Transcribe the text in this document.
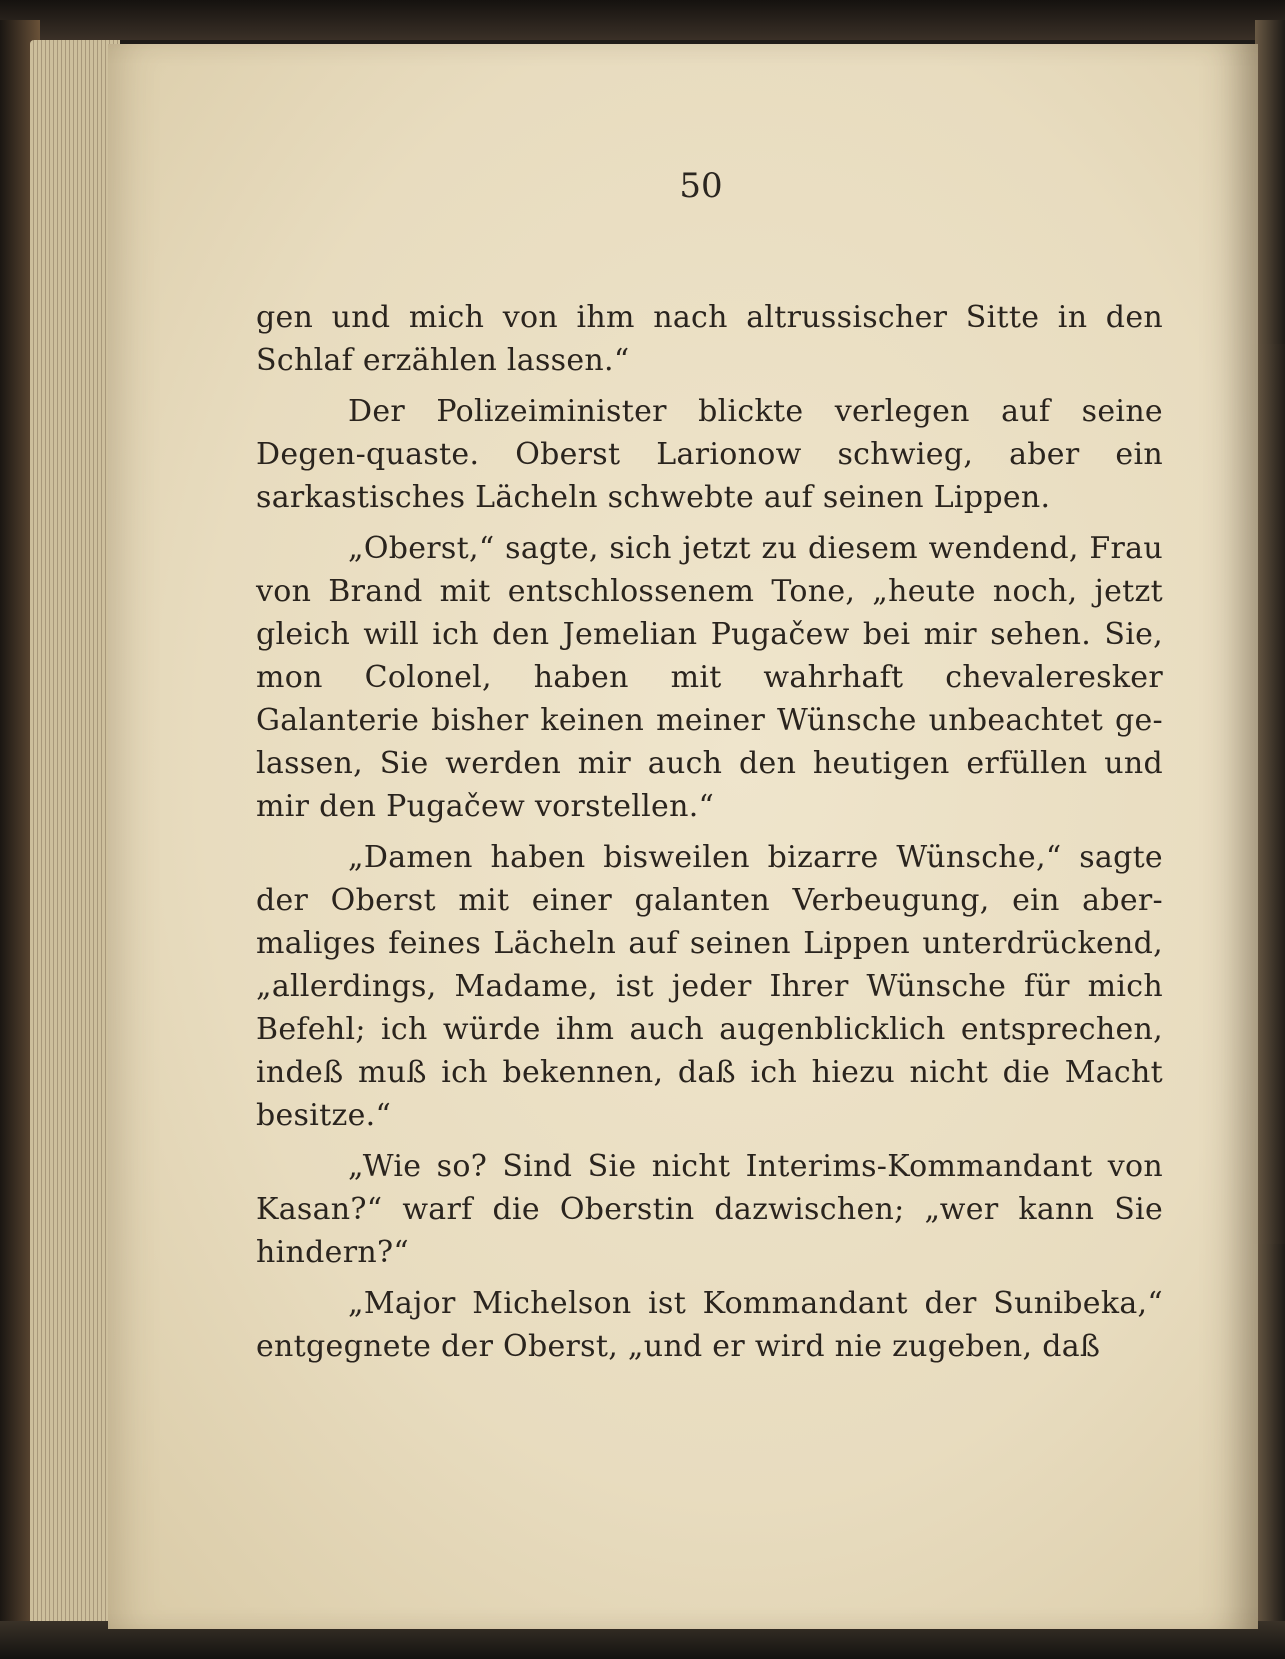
50

gen und mich von ihm nach altrussischer Sitte in den Schlaf erzählen lassen.“

Der Polizeiminister blickte verlegen auf seine Degen-quaste. Oberst Larionow schwieg, aber ein sarkastisches Lächeln schwebte auf seinen Lippen.

„Oberst,“ sagte, sich jetzt zu diesem wendend, Frau von Brand mit entschlossenem Tone, „heute noch, jetzt gleich will ich den Jemelian Pugačew bei mir sehen. Sie, mon Colonel, haben mit wahrhaft chevaleresker Galanterie bisher keinen meiner Wünsche unbeachtet ge-lassen, Sie werden mir auch den heutigen erfüllen und mir den Pugačew vorstellen.“

„Damen haben bisweilen bizarre Wünsche,“ sagte der Oberst mit einer galanten Verbeugung, ein aber-maliges feines Lächeln auf seinen Lippen unterdrückend, „allerdings, Madame, ist jeder Ihrer Wünsche für mich Befehl; ich würde ihm auch augenblicklich entsprechen, indeß muß ich bekennen, daß ich hiezu nicht die Macht besitze.“

„Wie so? Sind Sie nicht Interims-Kommandant von Kasan?“ warf die Oberstin dazwischen; „wer kann Sie hindern?“

„Major Michelson ist Kommandant der Sunibeka,“ entgegnete der Oberst, „und er wird nie zugeben, daß
